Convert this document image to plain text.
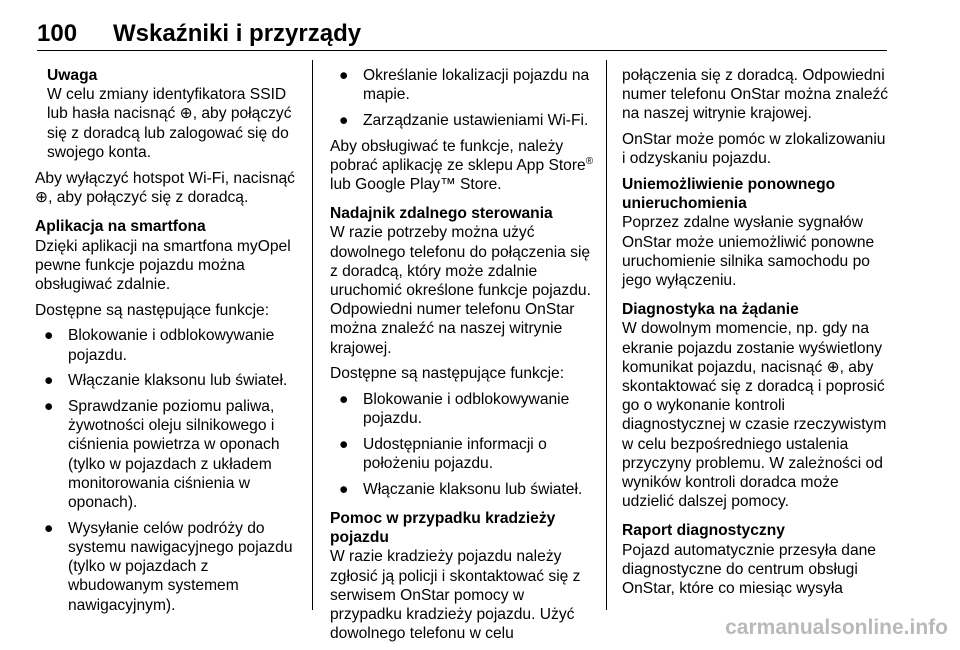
100 Wskaźniki i przyrządy
Uwaga
W celu zmiany identyfikatora SSID lub hasła nacisnąć ⊕, aby połączyć się z doradcą lub zalogować się do swojego konta.

Aby wyłączyć hotspot Wi-Fi, nacisnąć ⊕, aby połączyć się z doradcą.

Aplikacja na smartfona

Dzięki aplikacji na smartfona myOpel pewne funkcje pojazdu można obsługiwać zdalnie.

Dostępne są następujące funkcje:

● Blokowanie i odblokowywanie pojazdu.
● Włączanie klaksonu lub świateł.
● Sprawdzanie poziomu paliwa, żywotności oleju silnikowego i ciśnienia powietrza w oponach (tylko w pojazdach z układem monitorowania ciśnienia w oponach).
● Wysyłanie celów podróży do systemu nawigacyjnego pojazdu (tylko w pojazdach z wbudowanym systemem nawigacyjnym).
● Określanie lokalizacji pojazdu na mapie.
● Zarządzanie ustawieniami Wi-Fi.

Aby obsługiwać te funkcje, należy pobrać aplikację ze sklepu App Store® lub Google Play™ Store.

Nadajnik zdalnego sterowania

W razie potrzeby można użyć dowolnego telefonu do połączenia się z doradcą, który może zdalnie uruchomić określone funkcje pojazdu. Odpowiedni numer telefonu OnStar można znaleźć na naszej witrynie krajowej.

Dostępne są następujące funkcje:

● Blokowanie i odblokowywanie pojazdu.
● Udostępnianie informacji o położeniu pojazdu.
● Włączanie klaksonu lub świateł.
Pomoc w przypadku kradzieży pojazdu

W razie kradzieży pojazdu należy zgłosić ją policji i skontaktować się z serwisem OnStar pomocy w przypadku kradzieży pojazdu. Użyć dowolnego telefonu w celu

połączenia się z doradcą. Odpowiedni numer telefonu OnStar można znaleźć na naszej witrynie krajowej.

OnStar może pomóc w zlokalizowaniu i odzyskaniu pojazdu.

Uniemożliwienie ponownego unieruchomienia

Poprzez zdalne wysłanie sygnałów OnStar może uniemożliwić ponowne uruchomienie silnika samochodu po jego wyłączeniu.

Diagnostyka na żądanie

W dowolnym momencie, np. gdy na ekranie pojazdu zostanie wyświetlony komunikat pojazdu, nacisnąć ⊕, aby skontaktować się z doradcą i poprosić go o wykonanie kontroli diagnostycznej w czasie rzeczywistym w celu bezpośredniego ustalenia przyczyny problemu. W zależności od wyników kontroli doradca może udzielić dalszej pomocy.

Raport diagnostyczny

Pojazd automatycznie przesyła dane diagnostyczne do centrum obsługi OnStar, które co miesiąc wysyła

carmanualsonline.info
